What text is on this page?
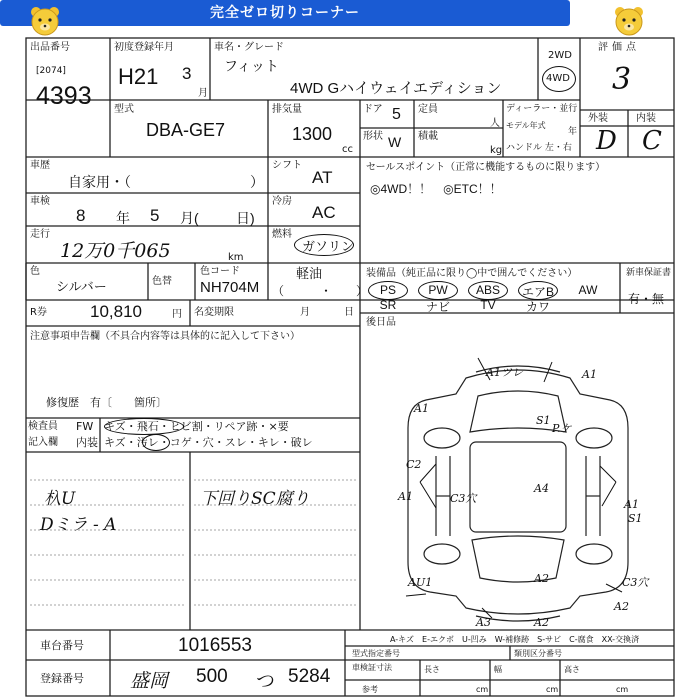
完全ゼロ切りコーナー
出品番号
[2074]
4393
初度登録年月
H21 3
月
車名・グレード
フィット
4WD Gハイウェイエディション
2WD
4WD
評価点
3
外装	内装
D C
型式
DBA-GE7
排気量
1300
cc
ドア 5
形状 W
定員
人
積載
kg
ディーラー・並行
モデル年式
年
ハンドル 左・右
車歴
自家用・（	）
シフト
AT
セールスポイント（正常に機能するものに限ります）
◎4WD！！　◎ETC！！
車検
8 年 5 月(	日)
冷房
AC
走行
12万0千065	km
燃料
ガソリン
軽油
（　　　・　　）
色
シルバー	色替
色コード
NH704M
装備品（純正品に限り◯中で囲んでください）
PS	PW	ABS	エアB	AW
SR	ナビ	TV	カワ
新車保証書
有・無
R券	10,810	円 名変期限	月	日
後日品
注意事項申告欄（不具合内容等は具体的に記入して下さい）
修復歴　有〔　　箇所〕
検査員
記入欄
FW キズ・飛石・ヒビ割・リペア跡・×要
内装 キズ・汚レ・コゲ・穴・スレ・キレ・破レ
杁U
Dミラ - A
下回りSC腐り
A1ツレ	A1
A1
S1
P.ケ
C2
A1	C3穴
A4
A1
S1
AU1	A2	C3穴
A2
A3	A2
A-キズ　E-エクボ　U-凹み　W-補修跡　S-サビ　C-腐食　XX-交換済
車台番号	1016553
登録番号 盛岡 500 つ 5284
型式指定番号	類別区分番号
車検証寸法
参考
長さ	幅	高さ
cm	cm	cm
